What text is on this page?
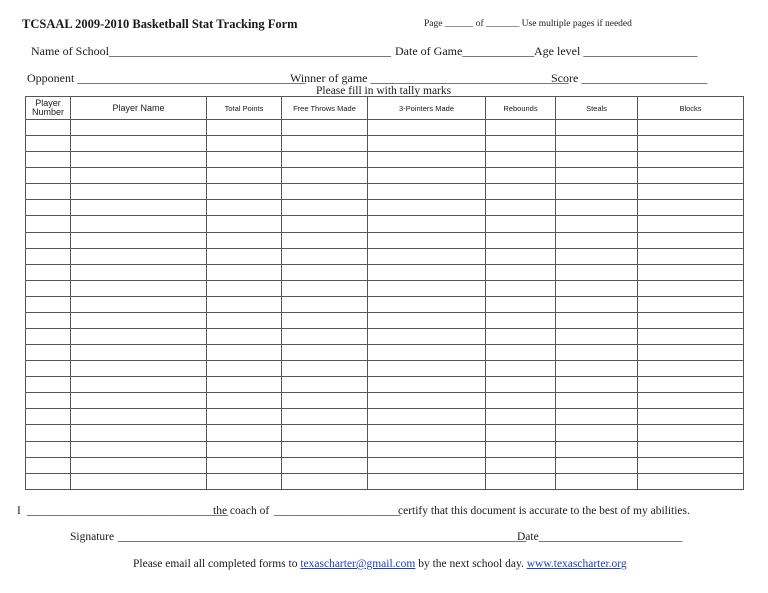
TCSAAL 2009-2010 Basketball Stat Tracking Form	Page ______ of _______ Use multiple pages if needed
Name of School_______________________________________________ Date of Game____________ Age level ___________________
Opponent ______________________________________
Winner of game _________________________________
Score _____________________
Please fill in with tally marks
Player Number	Player Name	Total Points	Free Throws Made	3-Pointers Made	Rebounds	Steals	Blocks

I ___________________________________
the coach of ______________________
certify that this document is accurate to the best of my abilities.
Signature _______________________________________________________________________
Date_________________________
Please email all completed forms to texascharter@gmail.com by the next school day. www.texascharter.org
